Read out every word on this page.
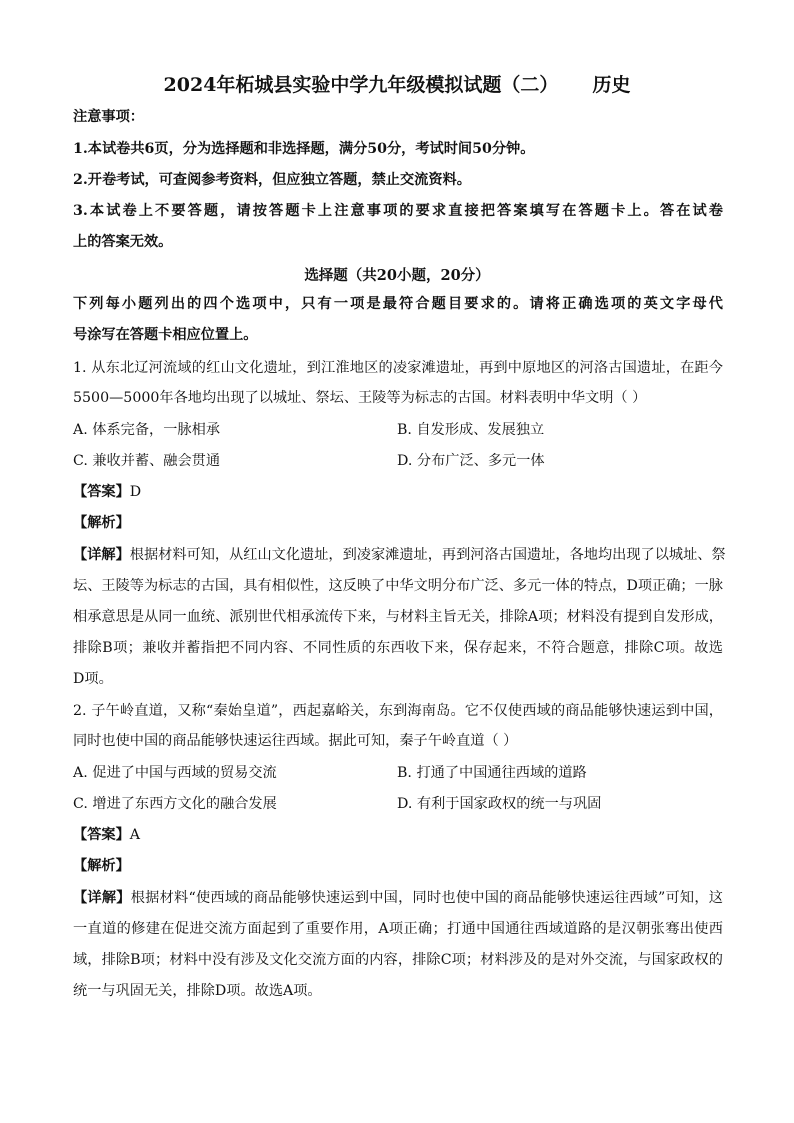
2024年柘城县实验中学九年级模拟试题（二） 历史
注意事项：
1.本试卷共6页，分为选择题和非选择题，满分50分，考试时间50分钟。
2.开卷考试，可查阅参考资料，但应独立答题，禁止交流资料。
3.本试卷上不要答题，请按答题卡上注意事项的要求直接把答案填写在答题卡上。答在试卷
上的答案无效。
选择题（共20小题，20分）
下列每小题列出的四个选项中，只有一项是最符合题目要求的。请将正确选项的英文字母代
号涂写在答题卡相应位置上。
1. 从东北辽河流域的红山文化遗址，到江淮地区的凌家滩遗址，再到中原地区的河洛古国遗址，在距今
5500—5000年各地均出现了以城址、祭坛、王陵等为标志的古国。材料表明中华文明（ ）
A. 体系完备，一脉相承	B. 自发形成、发展独立
C. 兼收并蓄、融会贯通	D. 分布广泛、多元一体
【答案】D
【解析】
【详解】根据材料可知，从红山文化遗址，到凌家滩遗址，再到河洛古国遗址，各地均出现了以城址、祭
坛、王陵等为标志的古国，具有相似性，这反映了中华文明分布广泛、多元一体的特点，D项正确；一脉
相承意思是从同一血统、派别世代相承流传下来，与材料主旨无关，排除A项；材料没有提到自发形成，
排除B项；兼收并蓄指把不同内容、不同性质的东西收下来，保存起来，不符合题意，排除C项。故选
D项。
2. 子午岭直道，又称“秦始皇道”，西起嘉峪关，东到海南岛。它不仅使西域的商品能够快速运到中国，
同时也使中国的商品能够快速运往西域。据此可知，秦子午岭直道（ ）
A. 促进了中国与西域的贸易交流	B. 打通了中国通往西域的道路
C. 增进了东西方文化的融合发展	D. 有利于国家政权的统一与巩固
【答案】A
【解析】
【详解】根据材料“使西域的商品能够快速运到中国，同时也使中国的商品能够快速运往西域”可知，这
一直道的修建在促进交流方面起到了重要作用，A项正确；打通中国通往西域道路的是汉朝张骞出使西
域，排除B项；材料中没有涉及文化交流方面的内容，排除C项；材料涉及的是对外交流，与国家政权的
统一与巩固无关，排除D项。故选A项。
